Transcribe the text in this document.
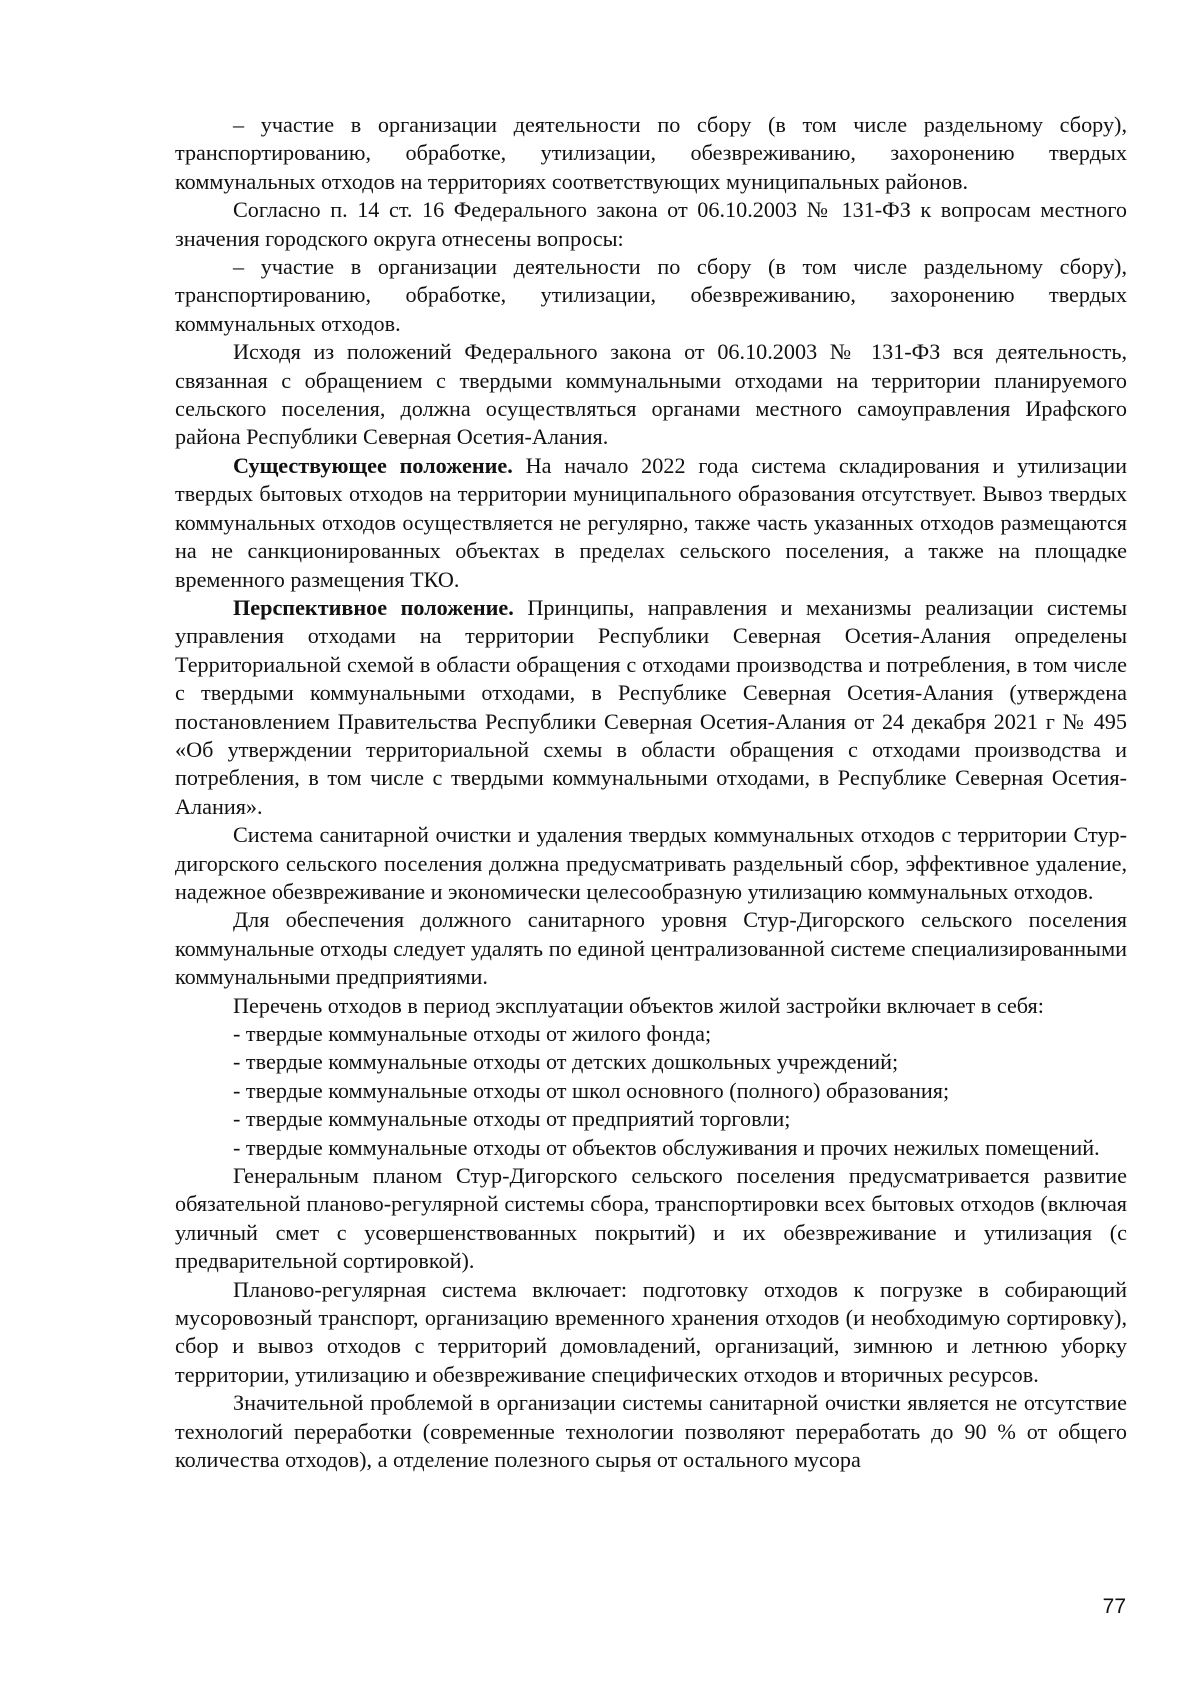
– участие в организации деятельности по сбору (в том числе раздельному сбору), транспортированию, обработке, утилизации, обезвреживанию, захоронению твердых коммунальных отходов на территориях соответствующих муниципальных районов.

Согласно п. 14 ст. 16 Федерального закона от 06.10.2003 № 131-ФЗ к вопросам местного значения городского округа отнесены вопросы:

– участие в организации деятельности по сбору (в том числе раздельному сбору), транспортированию, обработке, утилизации, обезвреживанию, захоронению твердых коммунальных отходов.

Исходя из положений Федерального закона от 06.10.2003 № 131-ФЗ вся деятельность, связанная с обращением с твердыми коммунальными отходами на территории планируемого сельского поселения, должна осуществляться органами местного самоуправления Ирафского района Республики Северная Осетия-Алания.

Существующее положение. На начало 2022 года система складирования и утилизации твердых бытовых отходов на территории муниципального образования отсутствует. Вывоз твердых коммунальных отходов осуществляется не регулярно, также часть указанных отходов размещаются на не санкционированных объектах в пределах сельского поселения, а также на площадке временного размещения ТКО.

Перспективное положение. Принципы, направления и механизмы реализации системы управления отходами на территории Республики Северная Осетия-Алания определены Территориальной схемой в области обращения с отходами производства и потребления, в том числе с твердыми коммунальными отходами, в Республике Северная Осетия-Алания (утверждена постановлением Правительства Республики Северная Осетия-Алания от 24 декабря 2021 г № 495 «Об утверждении территориальной схемы в области обращения с отходами производства и потребления, в том числе с твердыми коммунальными отходами, в Республике Северная Осетия-Алания».

Система санитарной очистки и удаления твердых коммунальных отходов с территории Стур-дигорского сельского поселения должна предусматривать раздельный сбор, эффективное удаление, надежное обезвреживание и экономически целесообразную утилизацию коммунальных отходов.

Для обеспечения должного санитарного уровня Стур-Дигорского сельского поселения коммунальные отходы следует удалять по единой централизованной системе специализированными коммунальными предприятиями.

Перечень отходов в период эксплуатации объектов жилой застройки включает в себя:

- твердые коммунальные отходы от жилого фонда;

- твердые коммунальные отходы от детских дошкольных учреждений;

- твердые коммунальные отходы от школ основного (полного) образования;

- твердые коммунальные отходы от предприятий торговли;

- твердые коммунальные отходы от объектов обслуживания и прочих нежилых помещений.

Генеральным планом Стур-Дигорского сельского поселения предусматривается развитие обязательной планово-регулярной системы сбора, транспортировки всех бытовых отходов (включая уличный смет с усовершенствованных покрытий) и их обезвреживание и утилизация (с предварительной сортировкой).

Планово-регулярная система включает: подготовку отходов к погрузке в собирающий мусоровозный транспорт, организацию временного хранения отходов (и необходимую сортировку), сбор и вывоз отходов с территорий домовладений, организаций, зимнюю и летнюю уборку территории, утилизацию и обезвреживание специфических отходов и вторичных ресурсов.

Значительной проблемой в организации системы санитарной очистки является не отсутствие технологий переработки (современные технологии позволяют переработать до 90 % от общего количества отходов), а отделение полезного сырья от остального мусора

77
